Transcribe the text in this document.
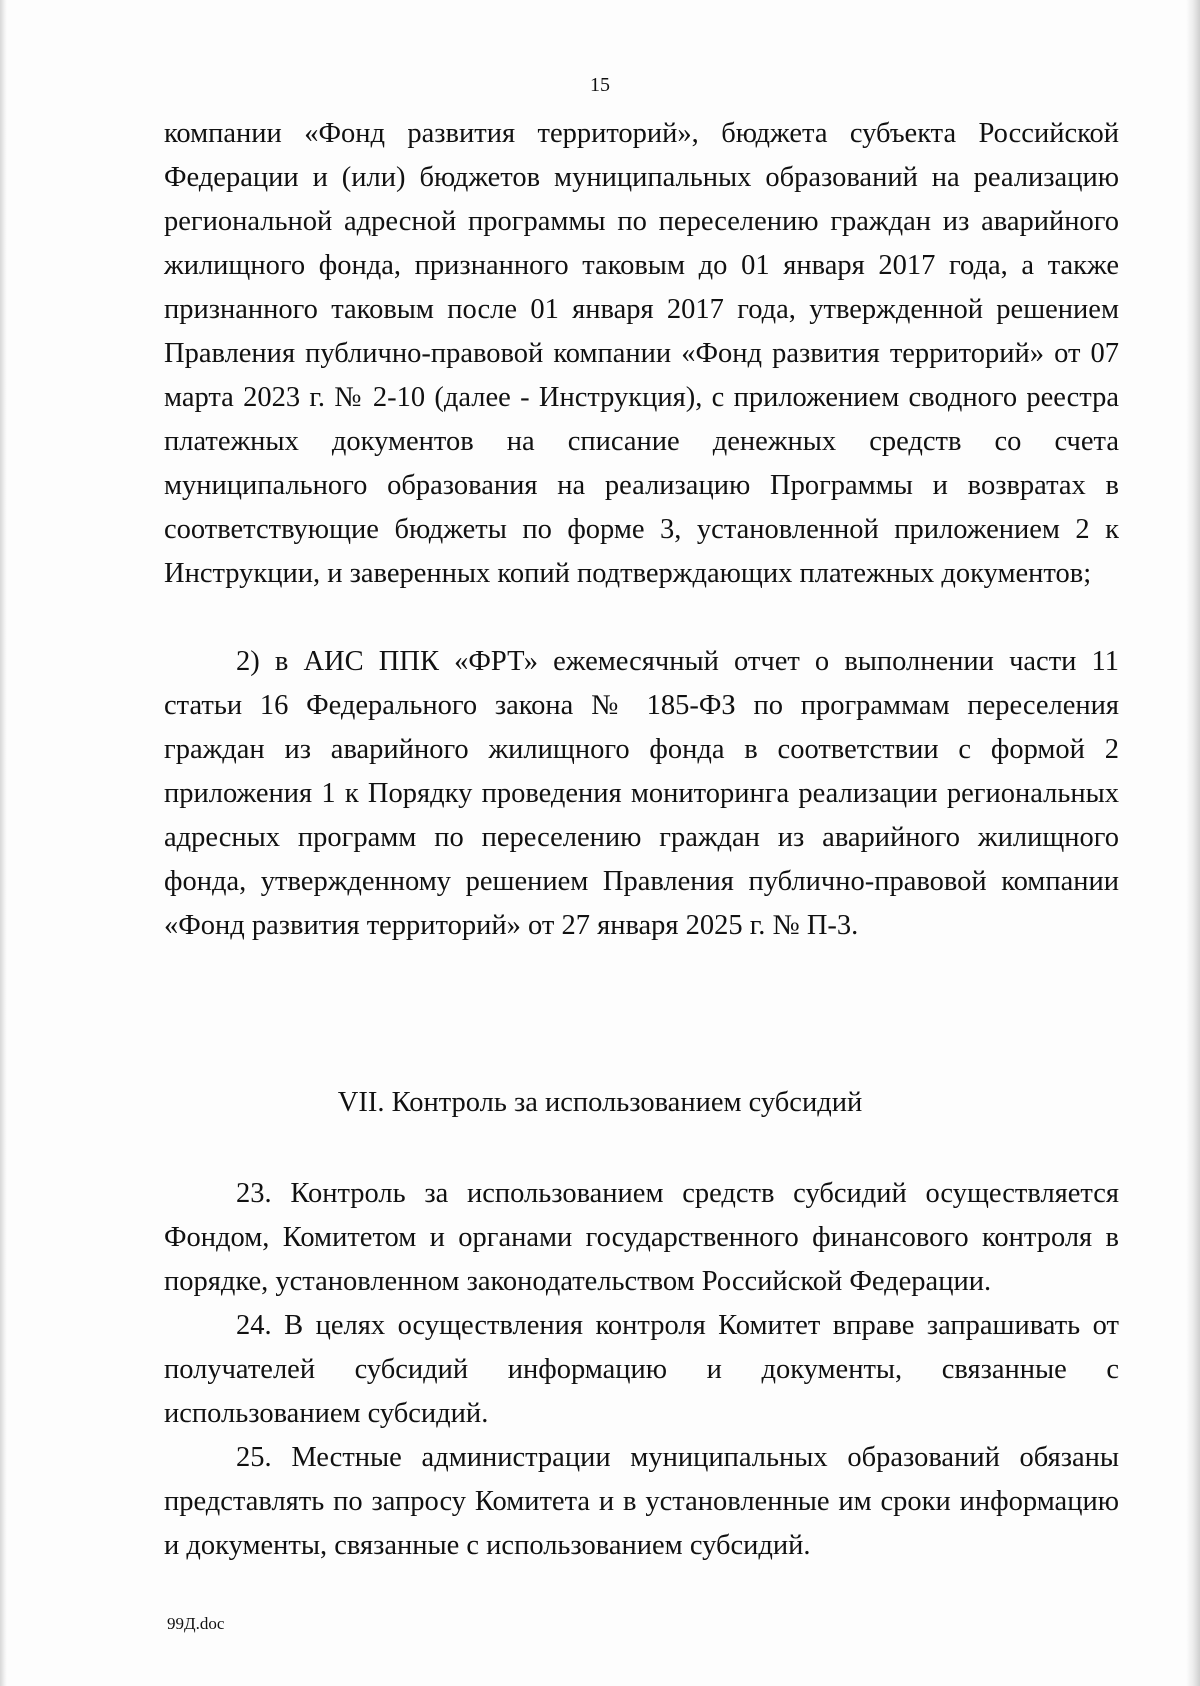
15

компании «Фонд развития территорий», бюджета субъекта Российской Федерации и (или) бюджетов муниципальных образований на реализацию региональной адресной программы по переселению граждан из аварийного жилищного фонда, признанного таковым до 01 января 2017 года, а также признанного таковым после 01 января 2017 года, утвержденной решением Правления публично-правовой компании «Фонд развития территорий» от 07 марта 2023 г. № 2-10 (далее - Инструкция), с приложением сводного реестра платежных документов на списание денежных средств со счета муниципального образования на реализацию Программы и возвратах в соответствующие бюджеты по форме 3, установленной приложением 2 к Инструкции, и заверенных копий подтверждающих платежных документов;

2) в АИС ППК «ФРТ» ежемесячный отчет о выполнении части 11 статьи 16 Федерального закона № 185-ФЗ по программам переселения граждан из аварийного жилищного фонда в соответствии с формой 2 приложения 1 к Порядку проведения мониторинга реализации региональных адресных программ по переселению граждан из аварийного жилищного фонда, утвержденному решением Правления публично-правовой компании «Фонд развития территорий» от 27 января 2025 г. № П-3.

VII. Контроль за использованием субсидий

23. Контроль за использованием средств субсидий осуществляется Фондом, Комитетом и органами государственного финансового контроля в порядке, установленном законодательством Российской Федерации.

24. В целях осуществления контроля Комитет вправе запрашивать от получателей субсидий информацию и документы, связанные с использованием субсидий.

25. Местные администрации муниципальных образований обязаны представлять по запросу Комитета и в установленные им сроки информацию и документы, связанные с использованием субсидий.

99Д.doc
